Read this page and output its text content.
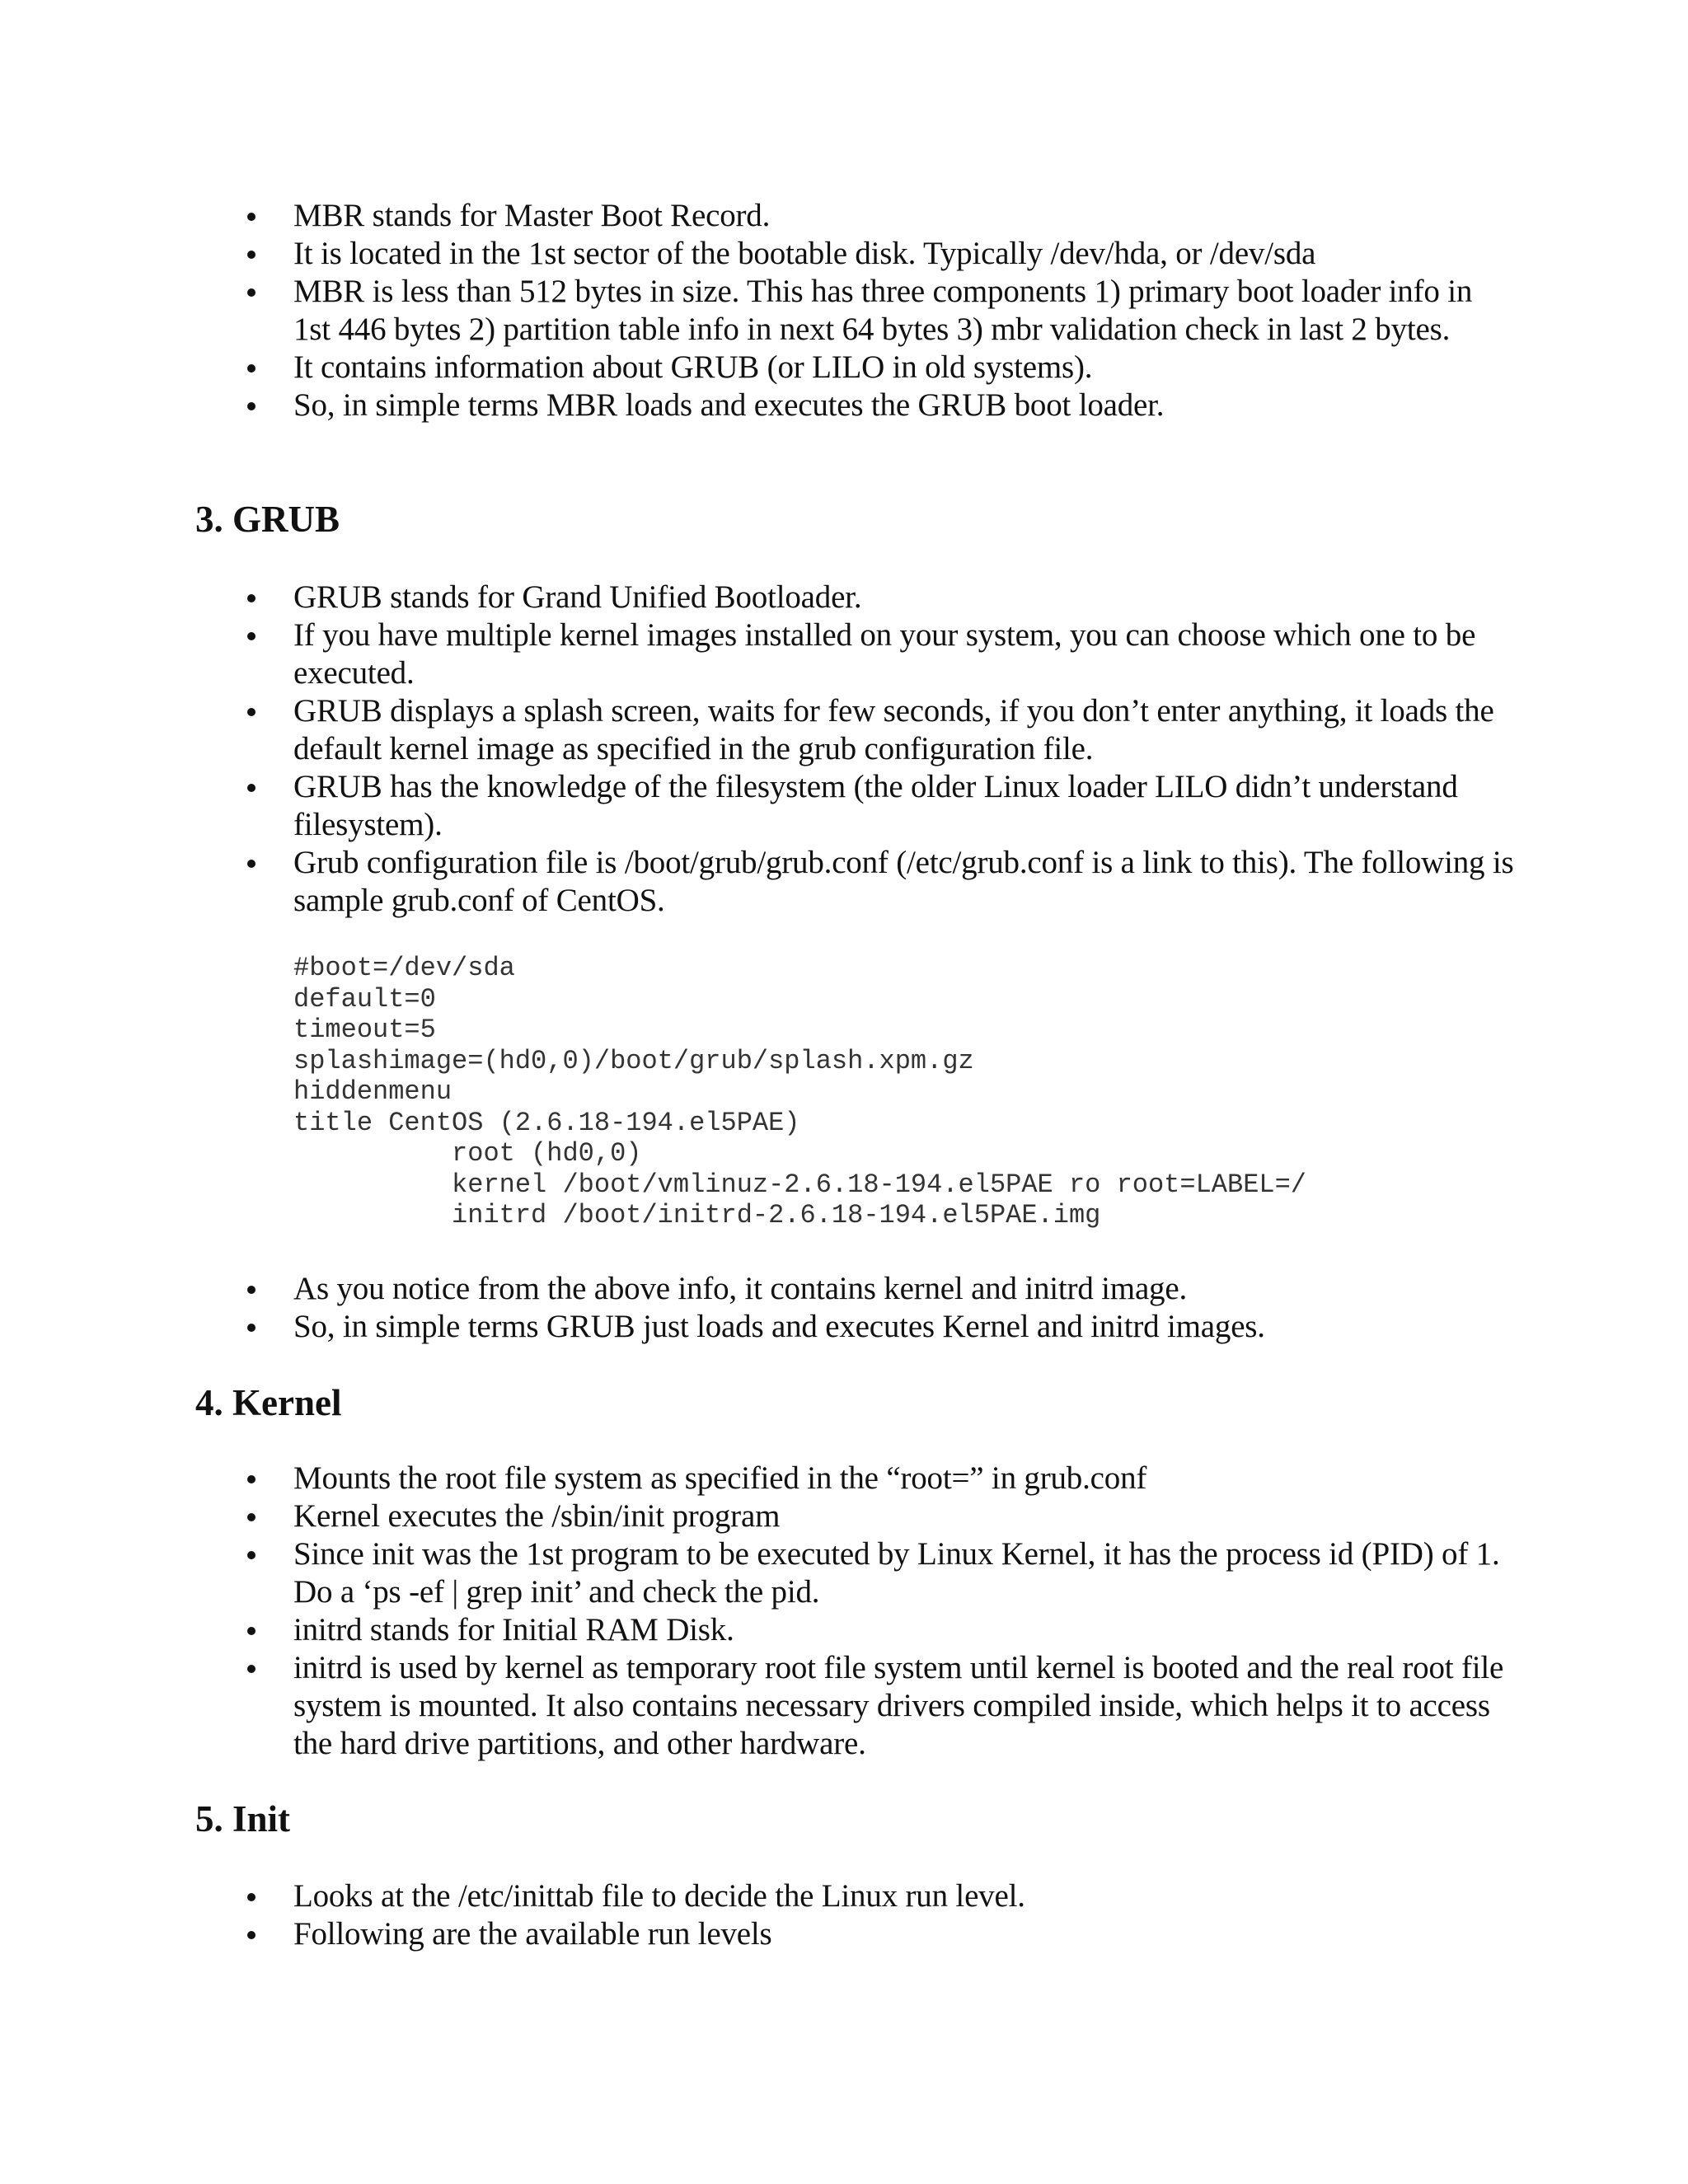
MBR stands for Master Boot Record.
It is located in the 1st sector of the bootable disk. Typically /dev/hda, or /dev/sda
MBR is less than 512 bytes in size. This has three components 1) primary boot loader info in 1st 446 bytes 2) partition table info in next 64 bytes 3) mbr validation check in last 2 bytes.
It contains information about GRUB (or LILO in old systems).
So, in simple terms MBR loads and executes the GRUB boot loader.
3. GRUB
GRUB stands for Grand Unified Bootloader.
If you have multiple kernel images installed on your system, you can choose which one to be executed.
GRUB displays a splash screen, waits for few seconds, if you don’t enter anything, it loads the default kernel image as specified in the grub configuration file.
GRUB has the knowledge of the filesystem (the older Linux loader LILO didn’t understand filesystem).
Grub configuration file is /boot/grub/grub.conf (/etc/grub.conf is a link to this). The following is sample grub.conf of CentOS.
#boot=/dev/sda
default=0
timeout=5
splashimage=(hd0,0)/boot/grub/splash.xpm.gz
hiddenmenu
title CentOS (2.6.18-194.el5PAE)
root (hd0,0)
kernel /boot/vmlinuz-2.6.18-194.el5PAE ro root=LABEL=/
initrd /boot/initrd-2.6.18-194.el5PAE.img
As you notice from the above info, it contains kernel and initrd image.
So, in simple terms GRUB just loads and executes Kernel and initrd images.
4. Kernel
Mounts the root file system as specified in the “root=” in grub.conf
Kernel executes the /sbin/init program
Since init was the 1st program to be executed by Linux Kernel, it has the process id (PID) of 1. Do a ‘ps -ef | grep init’ and check the pid.
initrd stands for Initial RAM Disk.
initrd is used by kernel as temporary root file system until kernel is booted and the real root file system is mounted. It also contains necessary drivers compiled inside, which helps it to access the hard drive partitions, and other hardware.
5. Init
Looks at the /etc/inittab file to decide the Linux run level.
Following are the available run levels
